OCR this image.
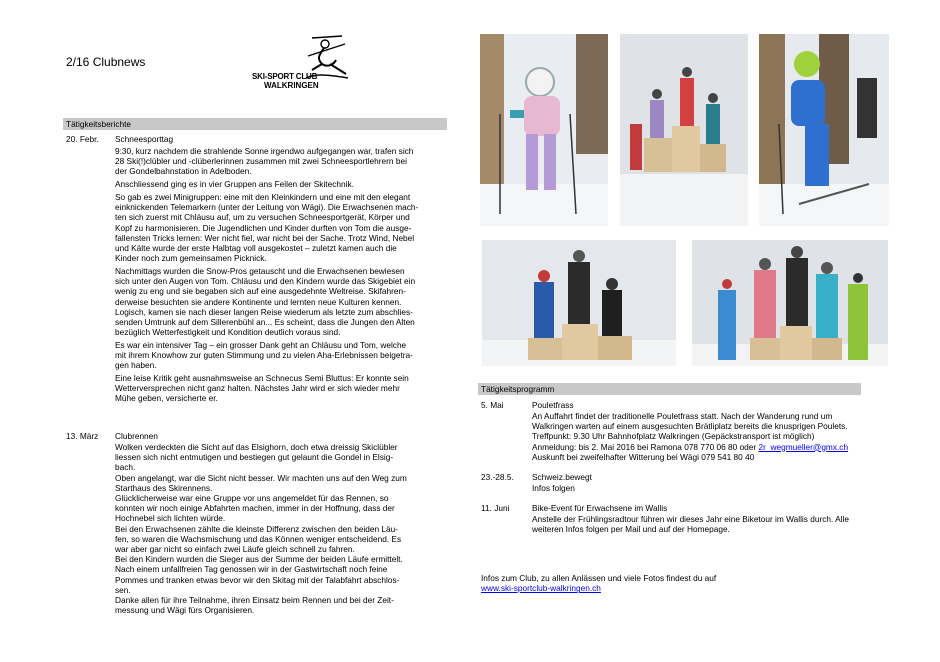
2/16 Clubnews
SKI-SPORT CLUB
WALKRINGEN
Tätigkeitsberichte
20. Febr. Schneesporttag
9:30, kurz nachdem die strahlende Sonne irgendwo aufgegangen war, trafen sich
28 Ski(!)clübler und -clüberlerinnen zusammen mit zwei Schneesportlehrern bei
der Gondelbahnstation in Adelboden.
Anschliessend ging es in vier Gruppen ans Feilen der Skitechnik.
So gab es zwei Minigruppen: eine mit den Kleinkindern und eine mit den elegant
einknickenden Telemarkern (unter der Leitung von Wägi). Die Erwachsenen mach-
ten sich zuerst mit Chläusu auf, um zu versuchen Schneesportgerät, Körper und
Kopf zu harmonisieren. Die Jugendlichen und Kinder durften von Tom die ausge-
fallensten Tricks lernen: Wer nicht fiel, war nicht bei der Sache. Trotz Wind, Nebel
und Kälte wurde der erste Halbtag voll ausgekostet – zuletzt kamen auch die
Kinder noch zum gemeinsamen Picknick.
Nachmittags wurden die Snow-Pros getauscht und die Erwachsenen bewiesen
sich unter den Augen von Tom. Chläusu und den Kindern wurde das Skigebiet ein
wenig zu eng und sie begaben sich auf eine ausgedehnte Weltreise. Skifahren-
derweise besuchten sie andere Kontinente und lernten neue Kulturen kennen.
Logisch, kamen sie nach dieser langen Reise wiederum als letzte zum abschlies-
senden Umtrunk auf dem Sillerenbühl an... Es scheint, dass die Jungen den Alten
bezüglich Wetterfestigkeit und Kondition deutlich voraus sind.
Es war ein intensiver Tag – ein grosser Dank geht an Chläusu und Tom, welche
mit ihrem Knowhow zur guten Stimmung und zu vielen Aha-Erlebnissen beigetra-
gen haben.
Eine leise Kritik geht ausnahmsweise an Schnecus Semi Bluttus: Er konnte sein
Wetterversprechen nicht ganz halten. Nächstes Jahr wird er sich wieder mehr
Mühe geben, versicherte er.
13. März Clubrennen
Wolken verdeckten die Sicht auf das Elsighorn, doch etwa dreissig Skiclübler
liessen sich nicht entmutigen und bestiegen gut gelaunt die Gondel in Elsig-
bach.
Oben angelangt, war die Sicht nicht besser. Wir machten uns auf den Weg zum
Starthaus des Skirennens.
Glücklicherweise war eine Gruppe vor uns angemeldet für das Rennen, so
konnten wir noch einige Abfahrten machen, immer in der Hoffnung, dass der
Hochnebel sich lichten würde.
Bei den Erwachsenen zählte die kleinste Differenz zwischen den beiden Läu-
fen, so waren die Wachsmischung und das Können weniger entscheidend. Es
war aber gar nicht so einfach zwei Läufe gleich schnell zu fahren.
Bei den Kindern wurden die Sieger aus der Summe der beiden Läufe ermittelt.
Nach einem unfallfreien Tag genossen wir in der Gastwirtschaft noch feine
Pommes und tranken etwas bevor wir den Skitag mit der Talabfahrt abschlos-
sen.
Danke allen für ihre Teilnahme, ihren Einsatz beim Rennen und bei der Zeit-
messung und Wägi fürs Organisieren.
Tätigkeitsprogramm
5. Mai	Pouletfrass
An Auffahrt findet der traditionelle Pouletfrass statt. Nach der Wanderung rund um
Walkringen warten auf einem ausgesuchten Brätliplatz bereits die knusprigen Poulets.
Treffpunkt: 9.30 Uhr Bahnhofplatz Walkringen (Gepäckstransport ist möglich)
Anmeldung: bis 2. Mai 2016 bei Ramona 078 770 06 80 oder 2r_wegmueller@gmx.ch
Auskunft bei zweifelhafter Witterung bei Wägi 079 541 80 40
23.-28.5. Schweiz.bewegt
Infos folgen
11. Juni	Bike-Event für Erwachsene im Wallis
Anstelle der Frühlingsradtour führen wir dieses Jahr eine Biketour im Wallis durch. Alle
weiteren Infos folgen per Mail und auf der Homepage.
Infos zum Club, zu allen Anlässen und viele Fotos findest du auf
www.ski-sportclub-walkringen.ch
